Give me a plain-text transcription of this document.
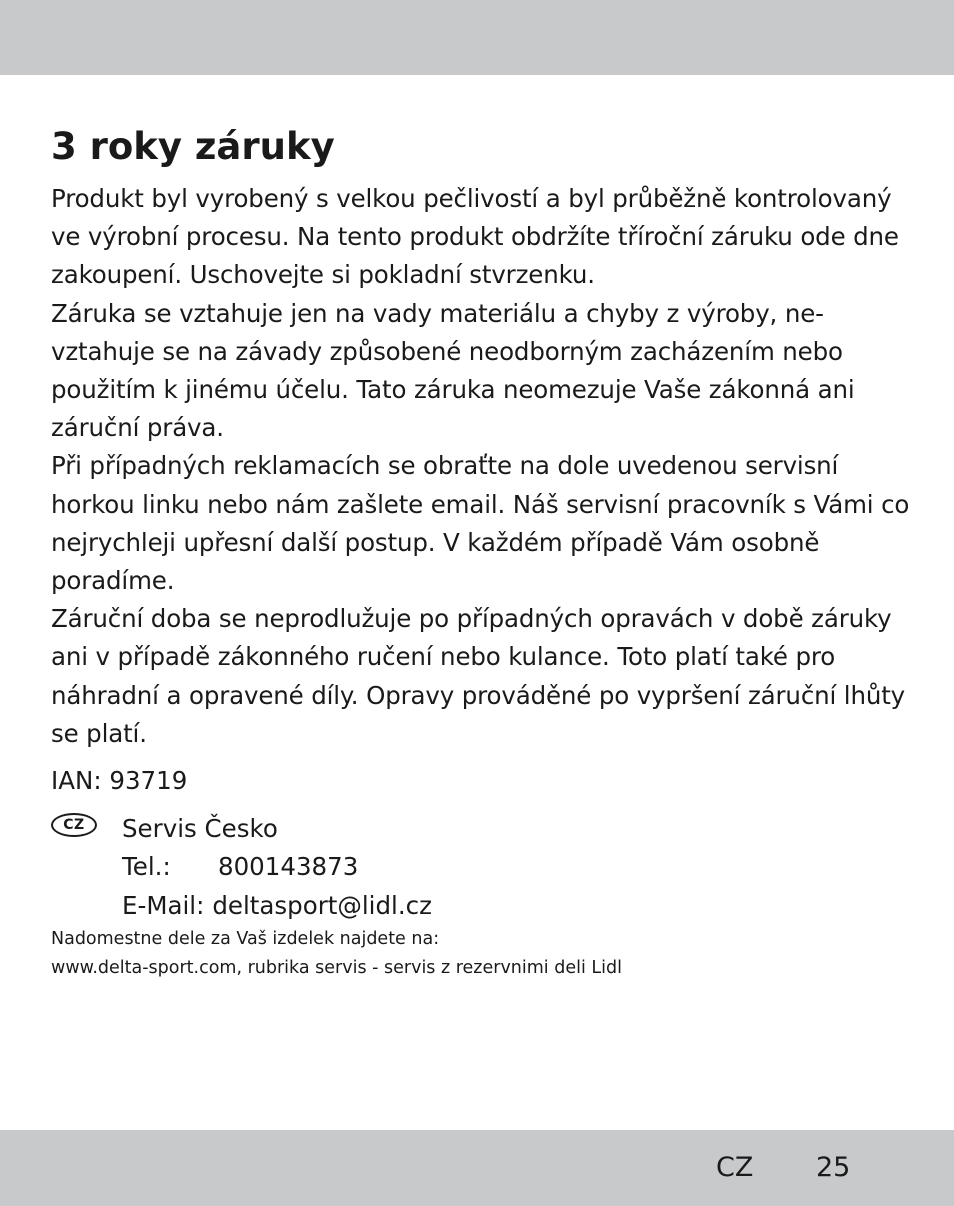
3 roky záruky

Produkt byl vyrobený s velkou pečlivostí a byl průběžně kontrolovaný ve výrobní procesu. Na tento produkt obdržíte tříroční záruku ode dne zakoupení. Uschovejte si pokladní stvrzenku.

Záruka se vztahuje jen na vady materiálu a chyby z výroby, ne-vztahuje se na závady způsobené neodborným zacházením nebo použitím k jinému účelu. Tato záruka neomezuje Vaše zákonná ani záruční práva.

Při případných reklamacích se obraťte na dole uvedenou servisní horkou linku nebo nám zašlete email. Náš servisní pracovník s Vámi co nejrychleji upřesní další postup. V každém případě Vám osobně poradíme.

Záruční doba se neprodlužuje po případných opravách v době záruky ani v případě zákonného ručení nebo kulance. Toto platí také pro náhradní a opravené díly. Opravy prováděné po vypršení záruční lhůty se platí.

IAN: 93719

CZ	Servis Česko
Tel.:	800143873
E-Mail: deltasport@lidl.cz
Nadomestne dele za Vaš izdelek najdete na:
www.delta-sport.com, rubrika servis - servis z rezervnimi deli Lidl
CZ 25
